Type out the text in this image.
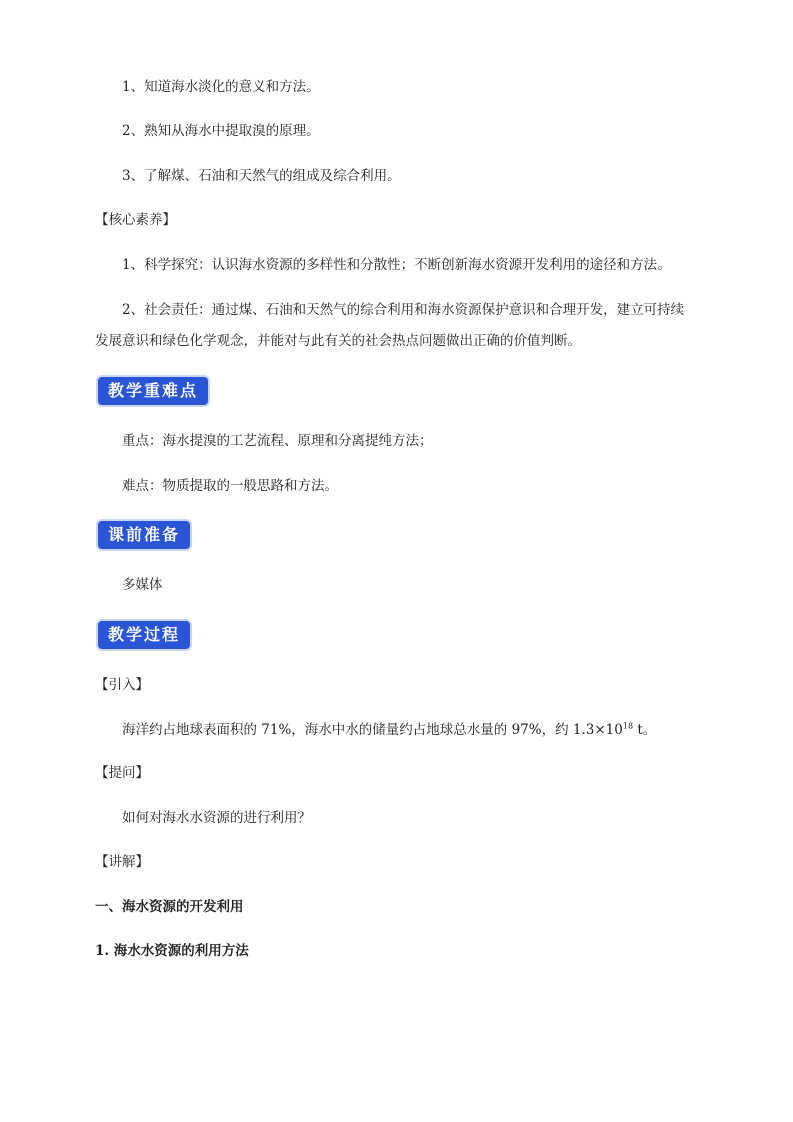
1、知道海水淡化的意义和方法。
2、熟知从海水中提取溴的原理。
3、了解煤、石油和天然气的组成及综合利用。
【核心素养】
1、科学探究：认识海水资源的多样性和分散性；不断创新海水资源开发利用的途径和方法。
2、社会责任：通过煤、石油和天然气的综合利用和海水资源保护意识和合理开发，建立可持续
发展意识和绿色化学观念，并能对与此有关的社会热点问题做出正确的价值判断。
教学重难点
重点：海水提溴的工艺流程、原理和分离提纯方法；
难点：物质提取的一般思路和方法。
课前准备
多媒体
教学过程
【引入】
海洋约占地球表面积的 71%，海水中水的储量约占地球总水量的 97%，约 $1.3\times 10^{18}$ t。
【提问】
如何对海水水资源的进行利用？
【讲解】
一、海水资源的开发利用
1. 海水水资源的利用方法
